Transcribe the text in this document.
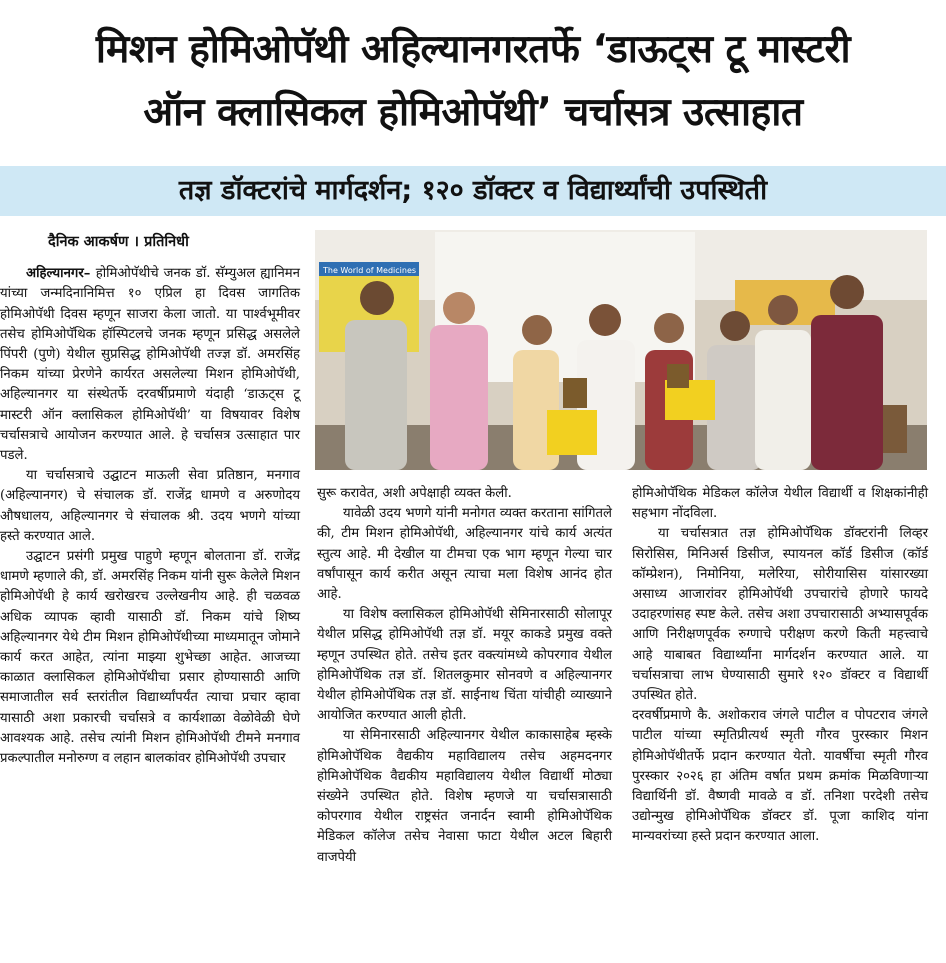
मिशन होमिओपॅथी अहिल्यानगरतर्फे ‘डाऊट्स टू मास्टरी
ऑन क्लासिकल होमिओपॅथी’ चर्चासत्र उत्साहात
तज्ञ डॉक्टरांचे मार्गदर्शन; १२० डॉक्टर व विद्यार्थ्यांची उपस्थिती
दैनिक आकर्षण । प्रतिनिधी

अहिल्यानगर– होमिओपॅथीचे जनक डॉ. सॅम्युअल ह्यानिमन यांच्या जन्मदिनानिमित्त १० एप्रिल हा दिवस जागतिक होमिओपॅथी दिवस म्हणून साजरा केला जातो. या पार्श्वभूमीवर तसेच होमिओपॅथिक हॉस्पिटलचे जनक म्हणून प्रसिद्ध असलेले पिंपरी (पुणे) येथील सुप्रसिद्ध होमिओपॅथी तज्ज्ञ डॉ. अमरसिंह निकम यांच्या प्रेरणेने कार्यरत असलेल्या मिशन होमिओपॅथी, अहिल्यानगर या संस्थेतर्फे दरवर्षीप्रमाणे यंदाही ‘डाऊट्स टू मास्टरी ऑन क्लासिकल होमिओपॅथी’ या विषयावर विशेष चर्चासत्राचे आयोजन करण्यात आले. हे चर्चासत्र उत्साहात पार पडले.

या चर्चासत्राचे उद्घाटन माऊली सेवा प्रतिष्ठान, मनगाव (अहिल्यानगर) चे संचालक डॉ. राजेंद्र धामणे व अरुणोदय औषधालय, अहिल्यानगर चे संचालक श्री. उदय भणगे यांच्या हस्ते करण्यात आले.

उद्घाटन प्रसंगी प्रमुख पाहुणे म्हणून बोलताना डॉ. राजेंद्र धामणे म्हणाले की, डॉ. अमरसिंह निकम यांनी सुरू केलेले मिशन होमिओपॅथी हे कार्य खरोखरच उल्लेखनीय आहे. ही चळवळ अधिक व्यापक व्हावी यासाठी डॉ. निकम यांचे शिष्य अहिल्यानगर येथे टीम मिशन होमिओपॅथीच्या माध्यमातून जोमाने कार्य करत आहेत, त्यांना माझ्या शुभेच्छा आहेत. आजच्या काळात क्लासिकल होमिओपॅथीचा प्रसार होण्यासाठी आणि समाजातील सर्व स्तरांतील विद्यार्थ्यांपर्यंत त्याचा प्रचार व्हावा यासाठी अशा प्रकारची चर्चासत्रे व कार्यशाळा वेळोवेळी घेणे आवश्यक आहे. तसेच त्यांनी मिशन होमिओपॅथी टीमने मनगाव प्रकल्पातील मनोरुग्ण व लहान बालकांवर होमिओपॅथी उपचार

The World of Medicines

सुरू करावेत, अशी अपेक्षाही व्यक्त केली.

यावेळी उदय भणगे यांनी मनोगत व्यक्त करताना सांगितले की, टीम मिशन होमिओपॅथी, अहिल्यानगर यांचे कार्य अत्यंत स्तुत्य आहे. मी देखील या टीमचा एक भाग म्हणून गेल्या चार वर्षांपासून कार्य करीत असून त्याचा मला विशेष आनंद होत आहे.

या विशेष क्लासिकल होमिओपॅथी सेमिनारसाठी सोलापूर येथील प्रसिद्ध होमिओपॅथी तज्ञ डॉ. मयूर काकडे प्रमुख वक्ते म्हणून उपस्थित होते. तसेच इतर वक्त्यांमध्ये कोपरगाव येथील होमिओपॅथिक तज्ञ डॉ. शितलकुमार सोनवणे व अहिल्यानगर येथील होमिओपॅथिक तज्ञ डॉ. साईनाथ चिंता यांचीही व्याख्याने आयोजित करण्यात आली होती.

या सेमिनारसाठी अहिल्यानगर येथील काकासाहेब म्हस्के होमिओपॅथिक वैद्यकीय महाविद्यालय तसेच अहमदनगर होमिओपॅथिक वैद्यकीय महाविद्यालय येथील विद्यार्थी मोठ्या संख्येने उपस्थित होते. विशेष म्हणजे या चर्चासत्रासाठी कोपरगाव येथील राष्ट्रसंत जनार्दन स्वामी होमिओपॅथिक मेडिकल कॉलेज तसेच नेवासा फाटा येथील अटल बिहारी वाजपेयी

होमिओपॅथिक मेडिकल कॉलेज येथील विद्यार्थी व शिक्षकांनीही सहभाग नोंदविला.

या चर्चासत्रात तज्ञ होमिओपॅथिक डॉक्टरांनी लिव्हर सिरोसिस, मिनिअर्स डिसीज, स्पायनल कॉर्ड डिसीज (कॉर्ड कॉम्प्रेशन), निमोनिया, मलेरिया, सोरीयासिस यांसारख्या असाध्य आजारांवर होमिओपॅथी उपचारांचे होणारे फायदे उदाहरणांसह स्पष्ट केले. तसेच अशा उपचारासाठी अभ्यासपूर्वक आणि निरीक्षणपूर्वक रुग्णाचे परीक्षण करणे किती महत्त्वाचे आहे याबाबत विद्यार्थ्यांना मार्गदर्शन करण्यात आले. या चर्चासत्राचा लाभ घेण्यासाठी सुमारे १२० डॉक्टर व विद्यार्थी उपस्थित होते.

दरवर्षीप्रमाणे कै. अशोकराव जंगले पाटील व पोपटराव जंगले पाटील यांच्या स्मृतिप्रीत्यर्थ स्मृती गौरव पुरस्कार मिशन होमिओपॅथीतर्फे प्रदान करण्यात येतो. यावर्षीचा स्मृती गौरव पुरस्कार २०२६ हा अंतिम वर्षात प्रथम क्रमांक मिळविणाऱ्या विद्यार्थिनी डॉ. वैष्णवी मावळे व डॉ. तनिशा परदेशी तसेच उद्योन्मुख होमिओपॅथिक डॉक्टर डॉ. पूजा काशिद यांना मान्यवरांच्या हस्ते प्रदान करण्यात आला.
